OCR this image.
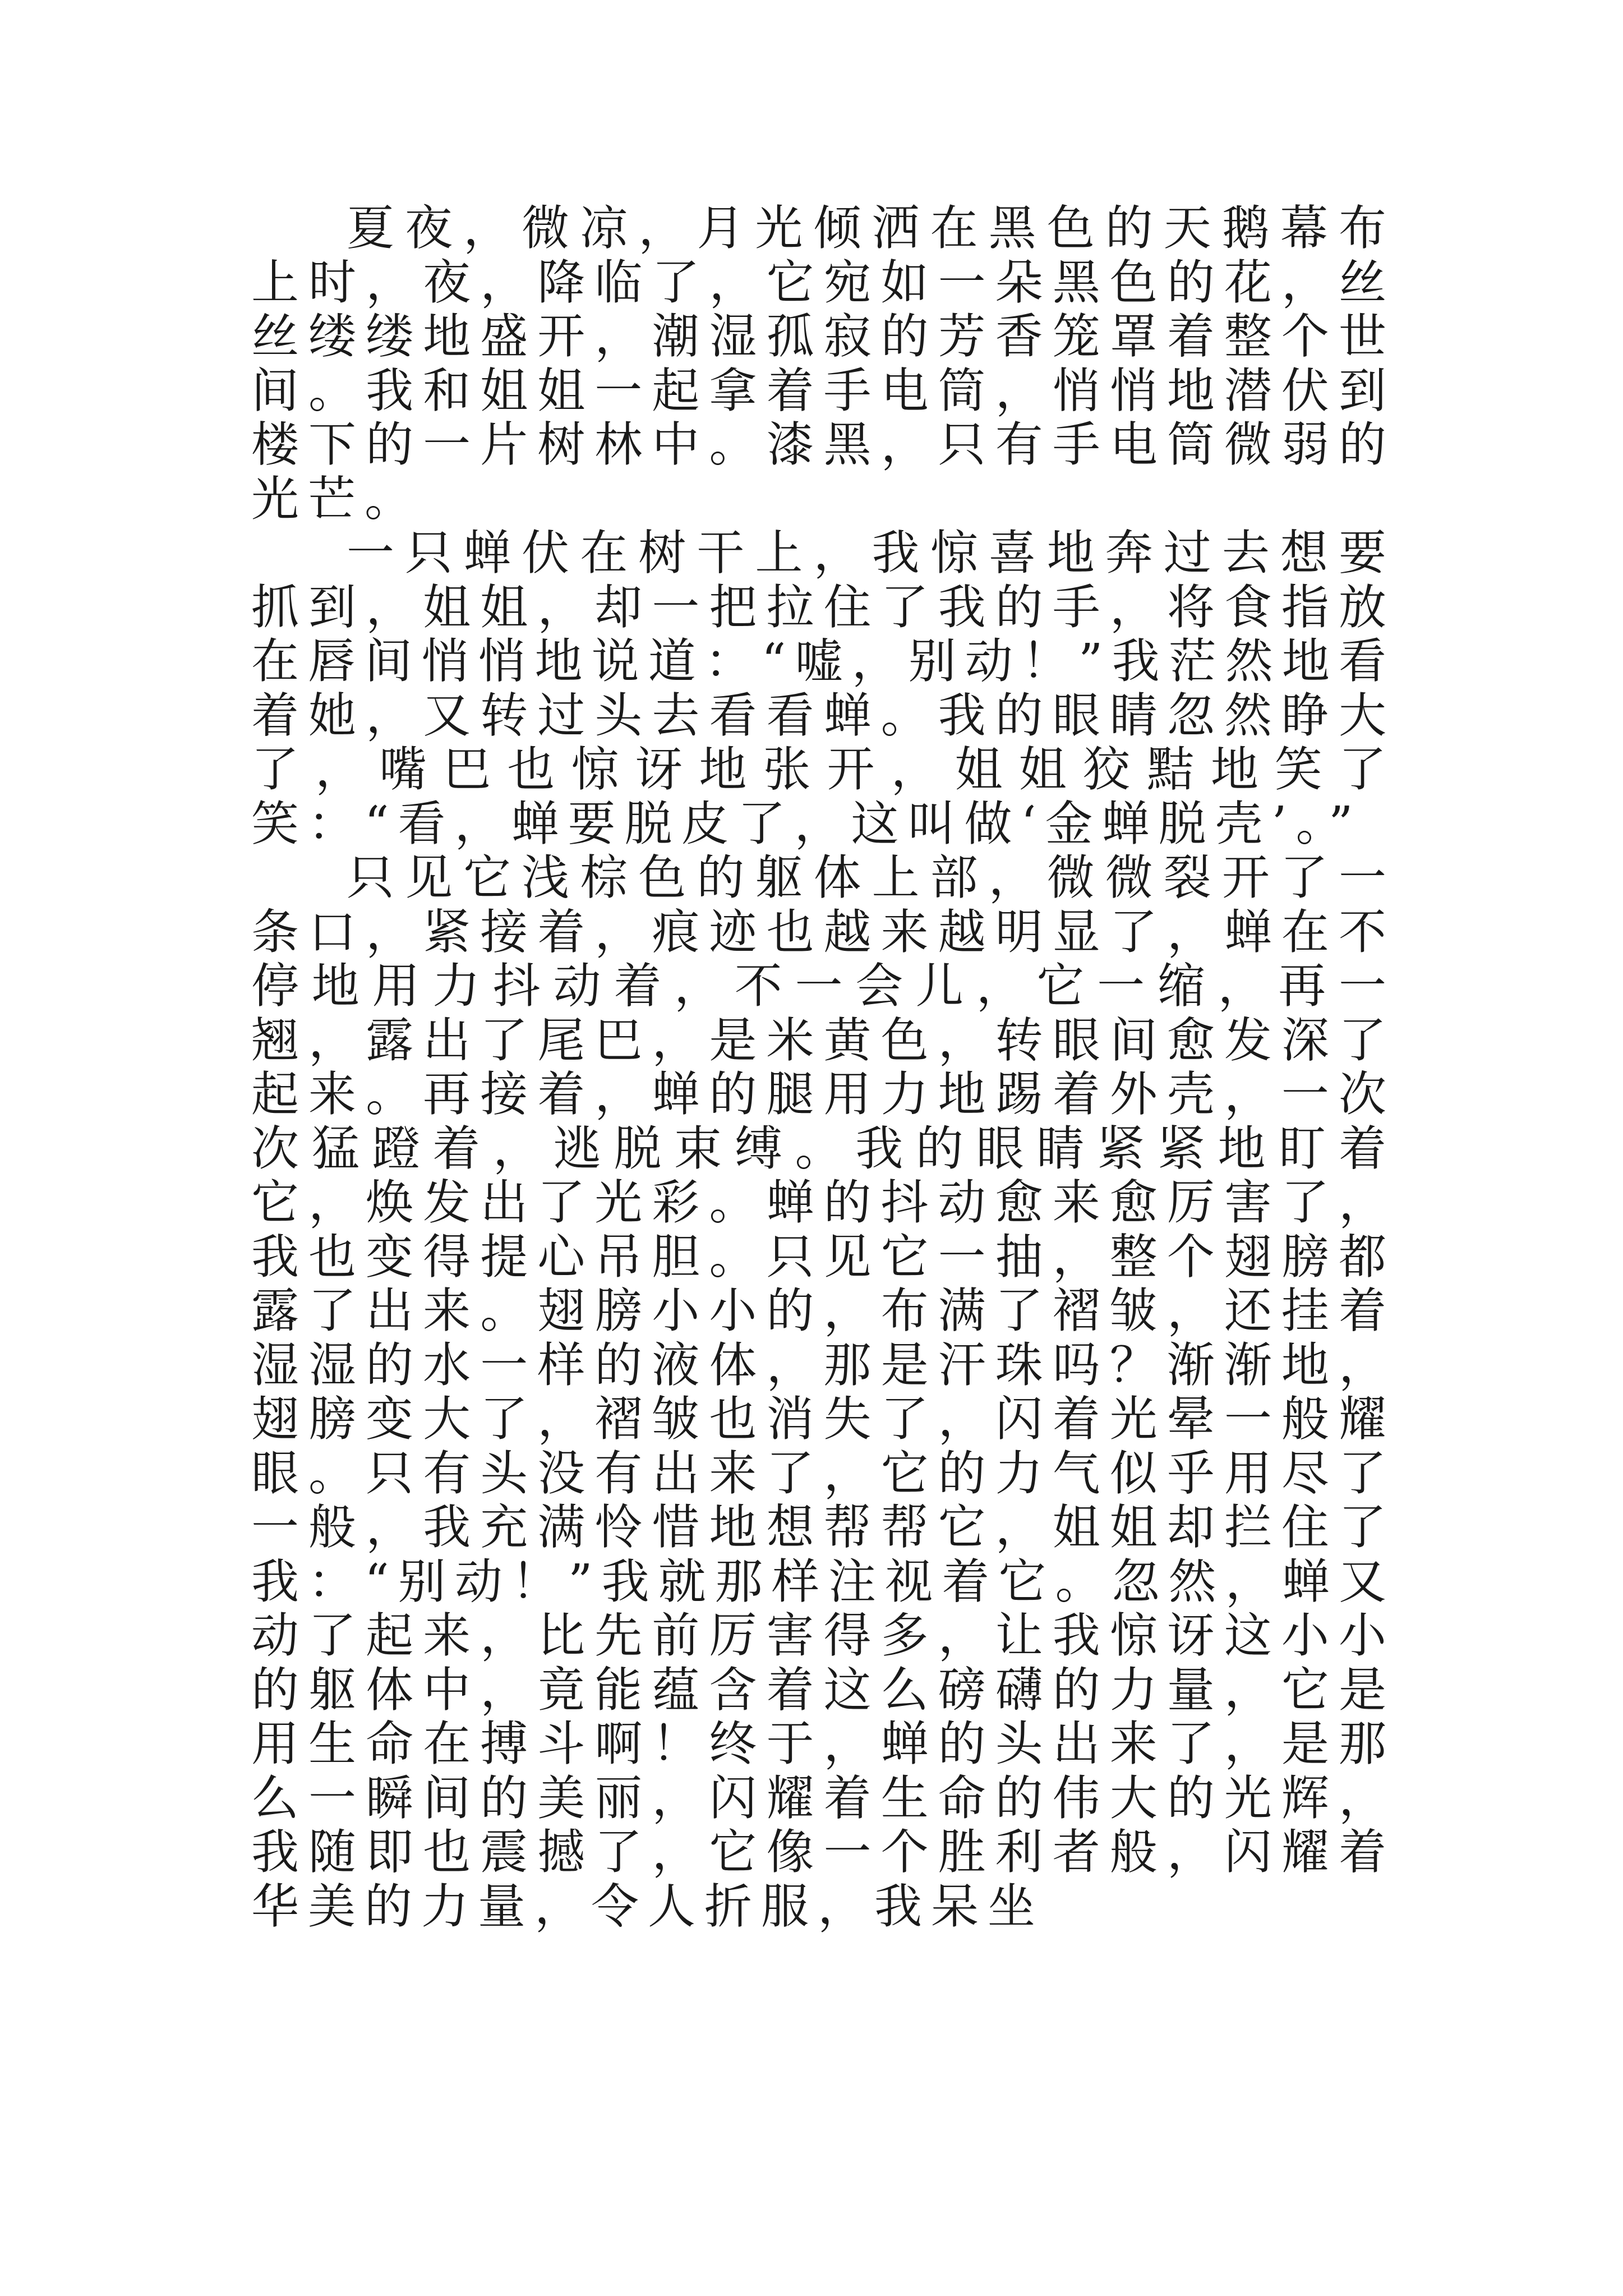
夏夜，微凉，月光倾洒在黑色的天鹅幕布上时，夜，降临了，它宛如一朵黑色的花，丝丝缕缕地盛开，潮湿孤寂的芳香笼罩着整个世间。我和姐姐一起拿着手电筒，悄悄地潜伏到楼下的一片树林中。漆黑，只有手电筒微弱的光芒。

一只蝉伏在树干上，我惊喜地奔过去想要抓到，姐姐，却一把拉住了我的手，将食指放在唇间悄悄地说道：“嘘，别动！”我茫然地看着她，又转过头去看看蝉。我的眼睛忽然睁大了，嘴巴也惊讶地张开，姐姐狡黠地笑了笑：“看，蝉要脱皮了，这叫做‘金蝉脱壳’。”

只见它浅棕色的躯体上部，微微裂开了一条口，紧接着，痕迹也越来越明显了，蝉在不停地用力抖动着，不一会儿，它一缩，再一翘，露出了尾巴，是米黄色，转眼间愈发深了起来。再接着，蝉的腿用力地踢着外壳，一次次猛蹬着，逃脱束缚。我的眼睛紧紧地盯着它，焕发出了光彩。蝉的抖动愈来愈厉害了，我也变得提心吊胆。只见它一抽，整个翅膀都露了出来。翅膀小小的，布满了褶皱，还挂着湿湿的水一样的液体，那是汗珠吗？渐渐地，翅膀变大了，褶皱也消失了，闪着光晕一般耀眼。只有头没有出来了，它的力气似乎用尽了一般，我充满怜惜地想帮帮它，姐姐却拦住了我：“别动！”我就那样注视着它。忽然，蝉又动了起来，比先前厉害得多，让我惊讶这小小的躯体中，竟能蕴含着这么磅礴的力量，它是用生命在搏斗啊！终于，蝉的头出来了，是那么一瞬间的美丽，闪耀着生命的伟大的光辉，我随即也震撼了，它像一个胜利者般，闪耀着华美的力量，令人折服，我呆坐
